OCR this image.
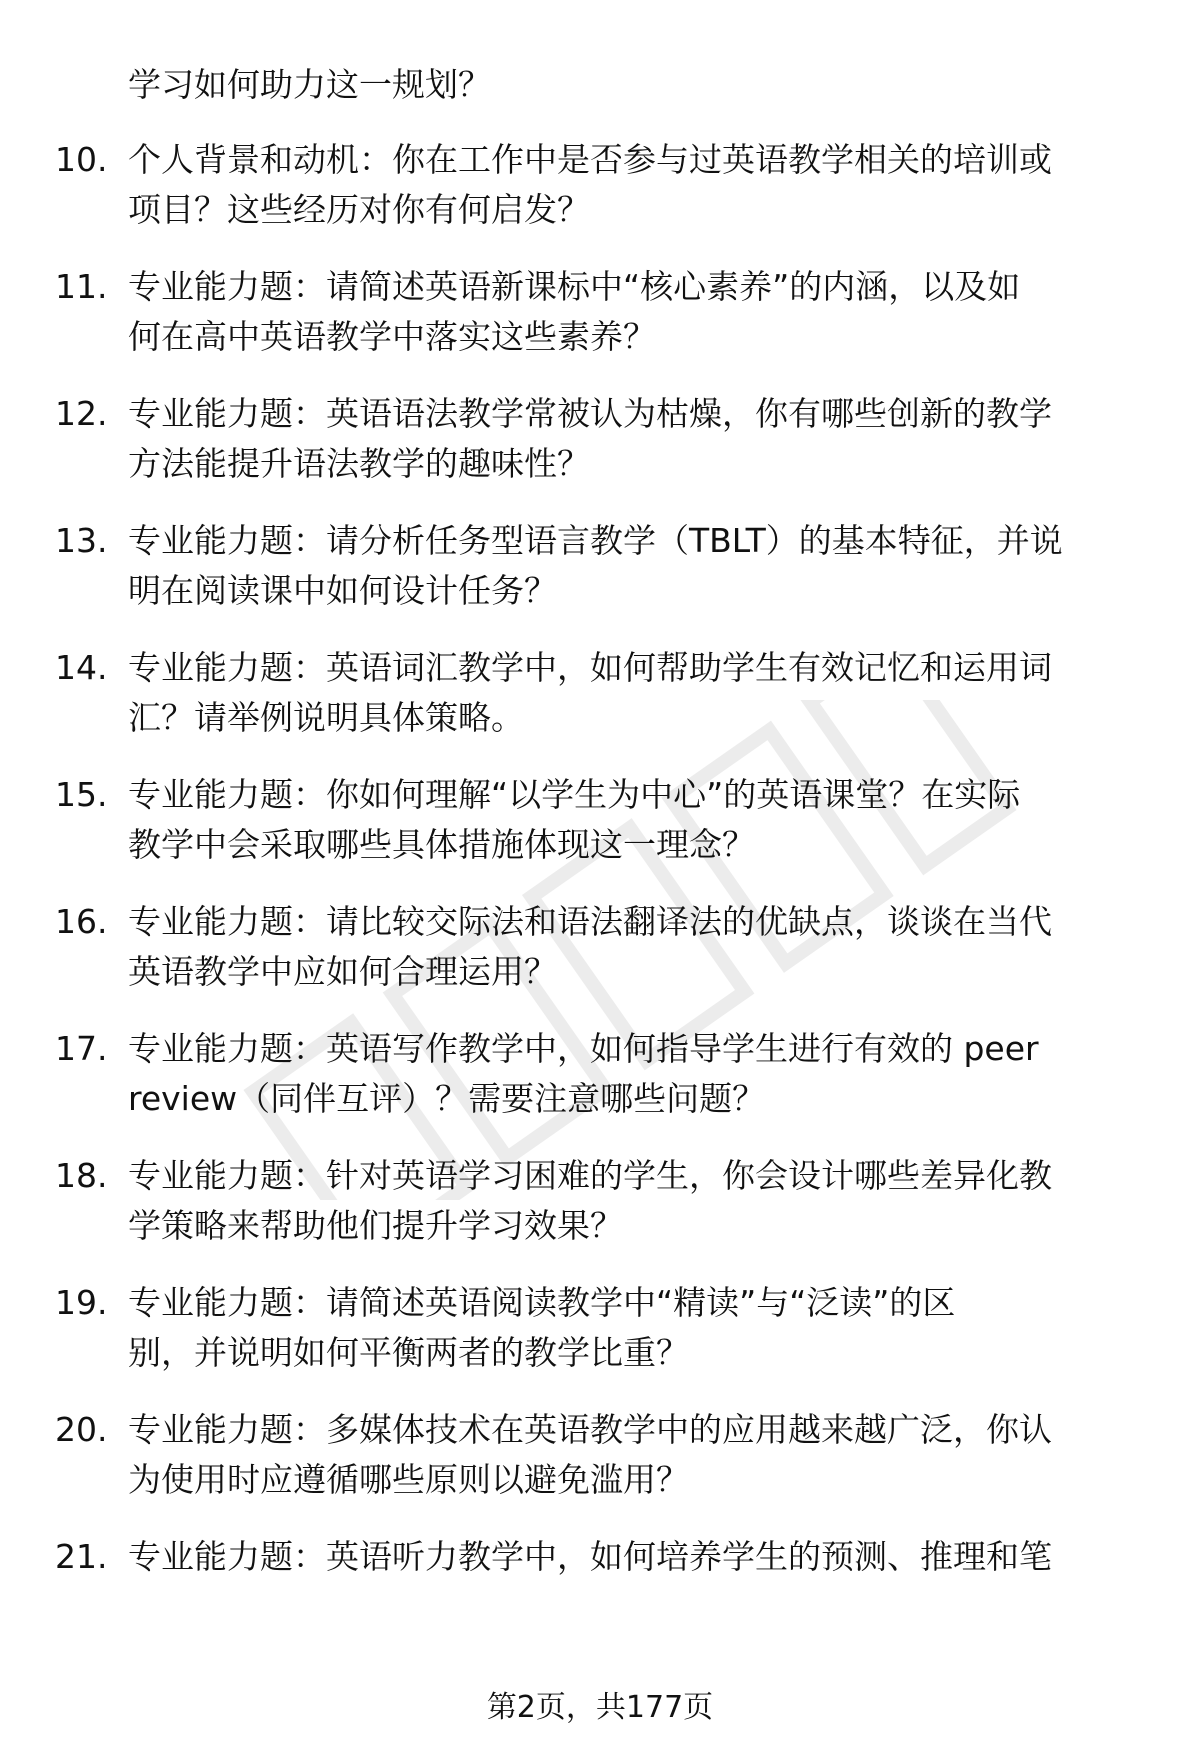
学习如何助力这一规划？
10. 个人背景和动机：你在工作中是否参与过英语教学相关的培训或
项目？这些经历对你有何启发？
11. 专业能力题：请简述英语新课标中“核心素养”的内涵，以及如
何在高中英语教学中落实这些素养？
12. 专业能力题：英语语法教学常被认为枯燥，你有哪些创新的教学
方法能提升语法教学的趣味性？
13. 专业能力题：请分析任务型语言教学（TBLT）的基本特征，并说
明在阅读课中如何设计任务？
14. 专业能力题：英语词汇教学中，如何帮助学生有效记忆和运用词
汇？请举例说明具体策略。
15. 专业能力题：你如何理解“以学生为中心”的英语课堂？在实际
教学中会采取哪些具体措施体现这一理念？
16. 专业能力题：请比较交际法和语法翻译法的优缺点，谈谈在当代
英语教学中应如何合理运用？
17. 专业能力题：英语写作教学中，如何指导学生进行有效的 peer
review（同伴互评）？需要注意哪些问题？
18. 专业能力题：针对英语学习困难的学生，你会设计哪些差异化教
学策略来帮助他们提升学习效果？
19. 专业能力题：请简述英语阅读教学中“精读”与“泛读”的区
别，并说明如何平衡两者的教学比重？
20. 专业能力题：多媒体技术在英语教学中的应用越来越广泛，你认
为使用时应遵循哪些原则以避免滥用？
21. 专业能力题：英语听力教学中，如何培养学生的预测、推理和笔
第2页，共177页
